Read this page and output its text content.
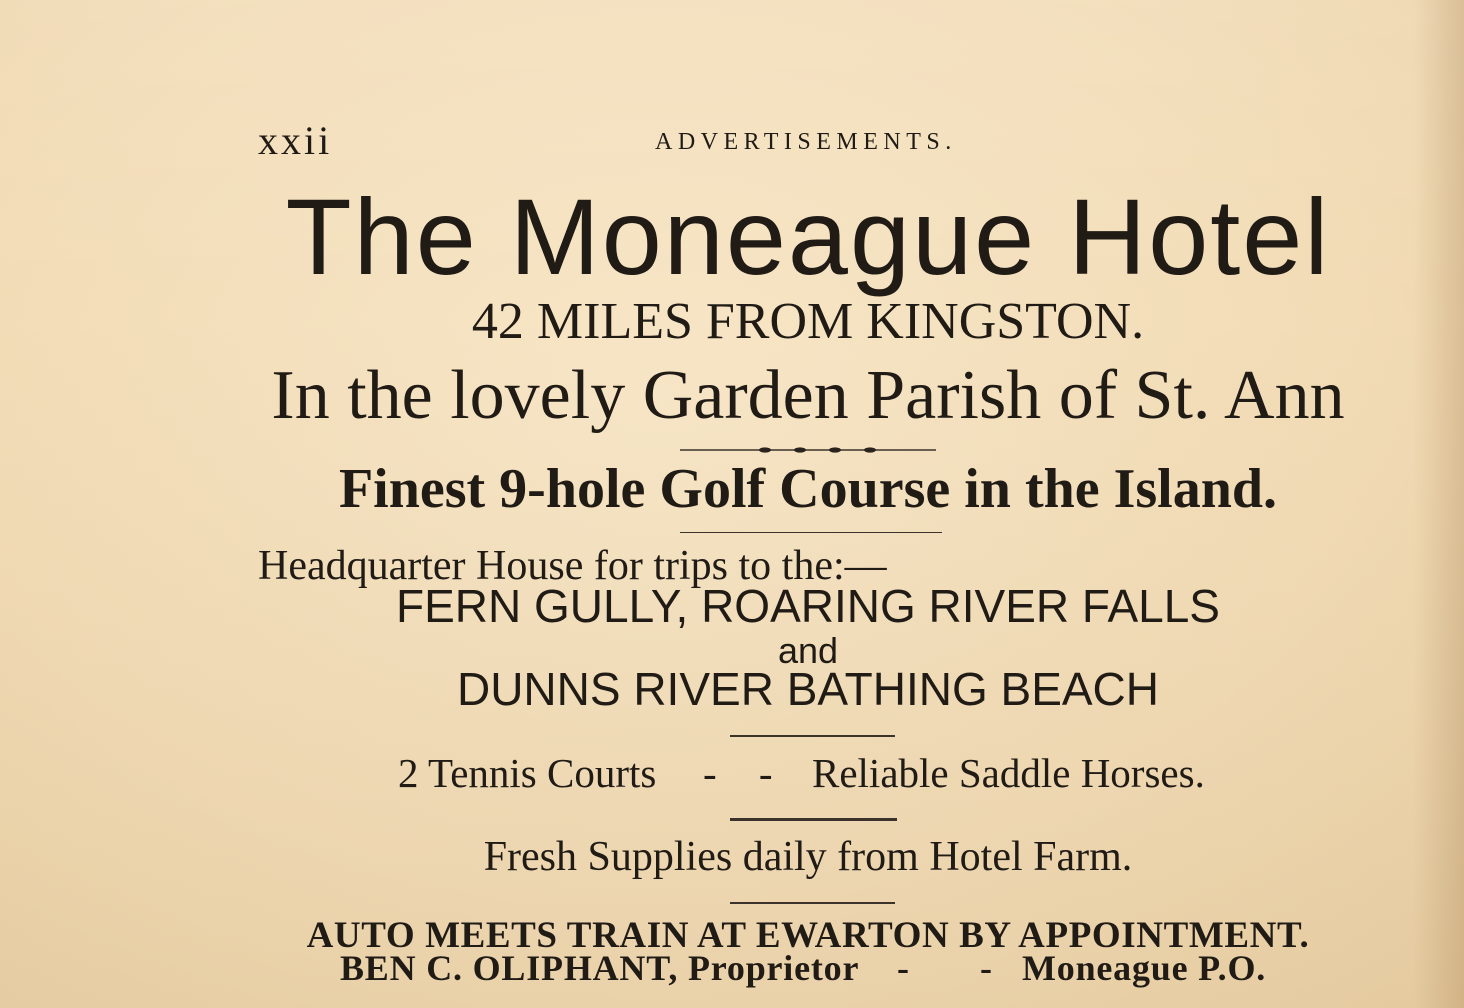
xxii	ADVERTISEMENTS.
The Moneague Hotel
42 MILES FROM KINGSTON.
In the lovely Garden Parish of St. Ann
Finest 9-hole Golf Course in the Island.
Headquarter House for trips to the:—
FERN GULLY, ROARING RIVER FALLS
and
DUNNS RIVER BATHING BEACH
2 Tennis Courts - - Reliable Saddle Horses.
Fresh Supplies daily from Hotel Farm.
AUTO MEETS TRAIN AT EWARTON BY APPOINTMENT.
BEN C. OLIPHANT, Proprietor - - Moneague P.O.
